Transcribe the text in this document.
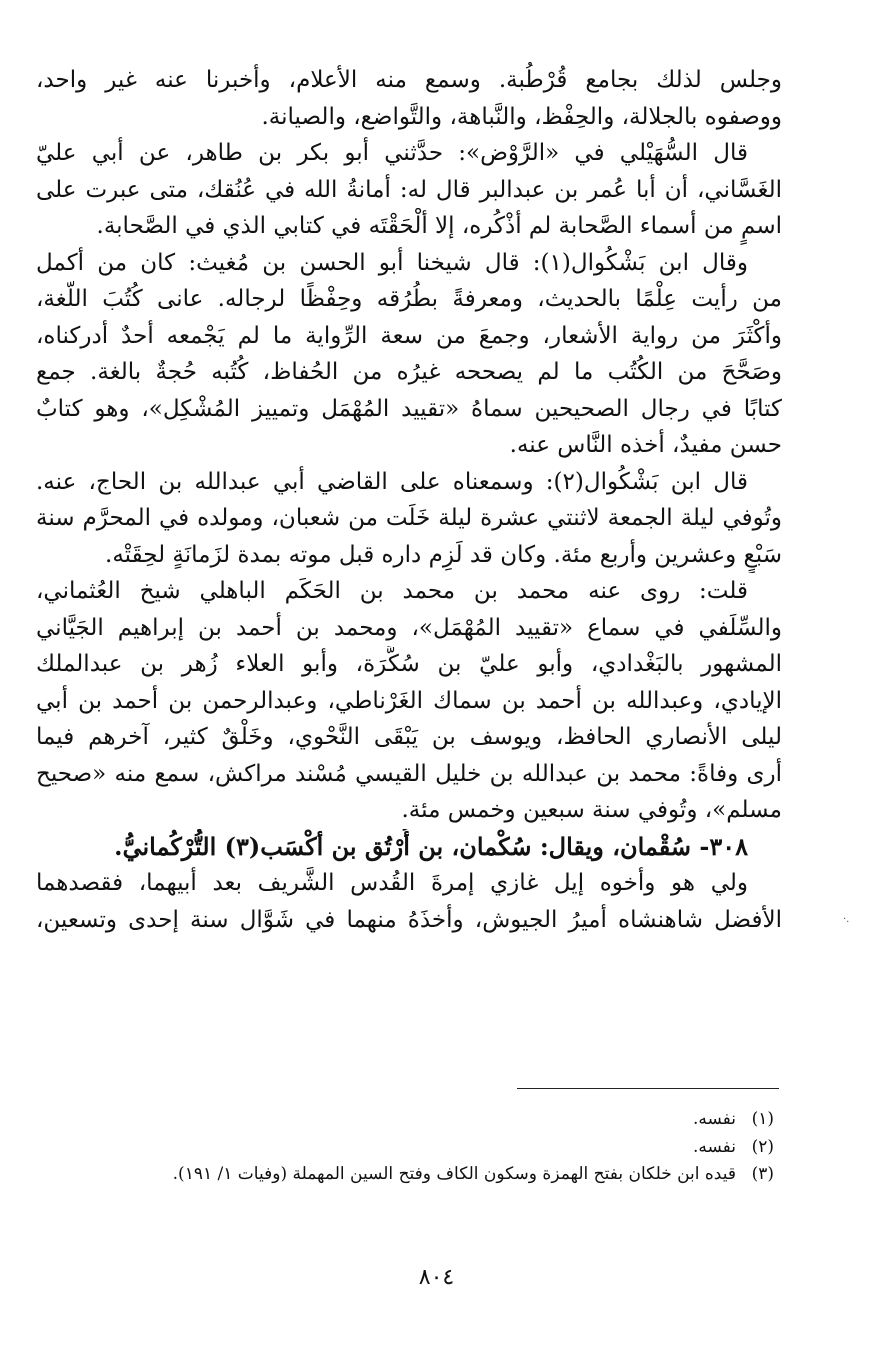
وجلس لذلك بجامع قُرْطُبة. وسمع منه الأعلام، وأخبرنا عنه غير واحد،
ووصفوه بالجلالة، والحِفْظ، والنَّباهة، والتَّواضع، والصيانة.
قال السُّهَيْلي في «الرَّوْض»: حدَّثني أبو بكر بن طاهر، عن أبي عليّ
الغَسَّاني، أن أبا عُمر بن عبدالبر قال له: أمانةُ الله في عُنُقك، متى عبرت على
اسمٍ من أسماء الصَّحابة لم أذْكُره، إلا ألْحَقْتَه في كتابي الذي في الصَّحابة.
وقال ابن بَشْكُوال(١): قال شيخنا أبو الحسن بن مُغيث: كان من أكمل
من رأيت عِلْمًا بالحديث، ومعرفةً بطُرُقه وحِفْظًا لرجاله. عانى كُتُبَ اللُّغة،
وأكْثَرَ من رواية الأشعار، وجمعَ من سعة الرِّواية ما لم يَجْمعه أحدٌ أدركناه،
وصَحَّحَ من الكُتُب ما لم يصححه غيرُه من الحُفاظ، كُتُبه حُجةٌ بالغة. جمع
كتابًا في رجال الصحيحين سماهُ «تقييد المُهْمَل وتمييز المُشْكِل»، وهو كتابٌ
حسن مفيدٌ، أخذه النَّاس عنه.
قال ابن بَشْكُوال(٢): وسمعناه على القاضي أبي عبدالله بن الحاج، عنه.
وتُوفي ليلة الجمعة لاثنتي عشرة ليلة خَلَت من شعبان، ومولده في المحرَّم سنة
سَبْعٍ وعشرين وأربع مئة. وكان قد لَزِم داره قبل موته بمدة لزَمانَةٍ لحِقَتْه.
قلت: روى عنه محمد بن محمد بن الحَكَم الباهلي شيخ العُثماني،
والسِّلَفي في سماع «تقييد المُهْمَل»، ومحمد بن أحمد بن إبراهيم الجَيَّاني
المشهور بالبَغْدادي، وأبو عليّ بن سُكَّرَة، وأبو العلاء زُهر بن عبدالملك
الإيادي، وعبدالله بن أحمد بن سماك الغَرْناطي، وعبدالرحمن بن أحمد بن أبي
ليلى الأنصاري الحافظ، ويوسف بن يَبْقَى النَّحْوي، وخَلْقٌ كثير، آخرهم فيما
أرى وفاةً: محمد بن عبدالله بن خليل القيسي مُسْند مراكش، سمع منه «صحيح
مسلم»، وتُوفي سنة سبعين وخمس مئة.
٣٠٨- سُقْمان، ويقال: سُكْمان، بن أُرْتُق بن أكْسَب(٣) التُّرْكُمانيُّ.
ولي هو وأخوه إيل غازي إمرةَ القُدس الشَّريف بعد أبيهما، فقصدهما
الأفضل شاهنشاه أميرُ الجيوش، وأخذَهُ منهما في شَوَّال سنة إحدى وتسعين،	·.
(١)
نفسه.
(٢)
نفسه.
(٣)
قيده ابن خلكان بفتح الهمزة وسكون الكاف وفتح السين المهملة (وفيات ١/ ١٩١).
٨٠٤
